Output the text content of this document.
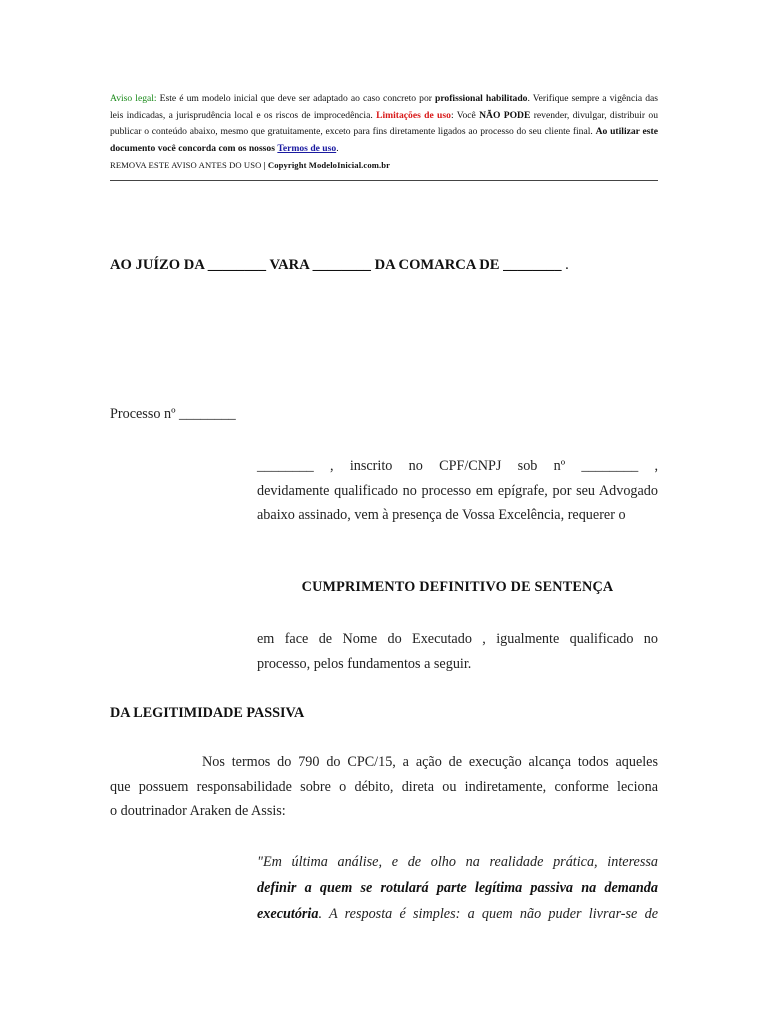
Aviso legal: Este é um modelo inicial que deve ser adaptado ao caso concreto por profissional habilitado. Verifique sempre a vigência das leis indicadas, a jurisprudência local e os riscos de improcedência. Limitações de uso: Você NÃO PODE revender, divulgar, distribuir ou publicar o conteúdo abaixo, mesmo que gratuitamente, exceto para fins diretamente ligados ao processo do seu cliente final. Ao utilizar este documento você concorda com os nossos Termos de uso.
REMOVA ESTE AVISO ANTES DO USO | Copyright ModeloInicial.com.br
AO JUÍZO DA ________ VARA ________ DA COMARCA DE ________ .
Processo nº ________
________ , inscrito no CPF/CNPJ sob nº ________ ,
devidamente qualificado no processo em epígrafe, por seu Advogado abaixo assinado, vem à presença de Vossa Excelência, requerer o
CUMPRIMENTO DEFINITIVO DE SENTENÇA
em face de Nome do Executado , igualmente qualificado no
processo, pelos fundamentos a seguir.
DA LEGITIMIDADE PASSIVA
Nos termos do 790 do CPC/15, a ação de execução alcança todos aqueles
que possuem responsabilidade sobre o débito, direta ou indiretamente, conforme leciona
o doutrinador Araken de Assis:
"Em última análise, e de olho na realidade prática, interessa
definir a quem se rotulará parte legítima passiva na demanda
executória. A resposta é simples: a quem não puder livrar-se de
